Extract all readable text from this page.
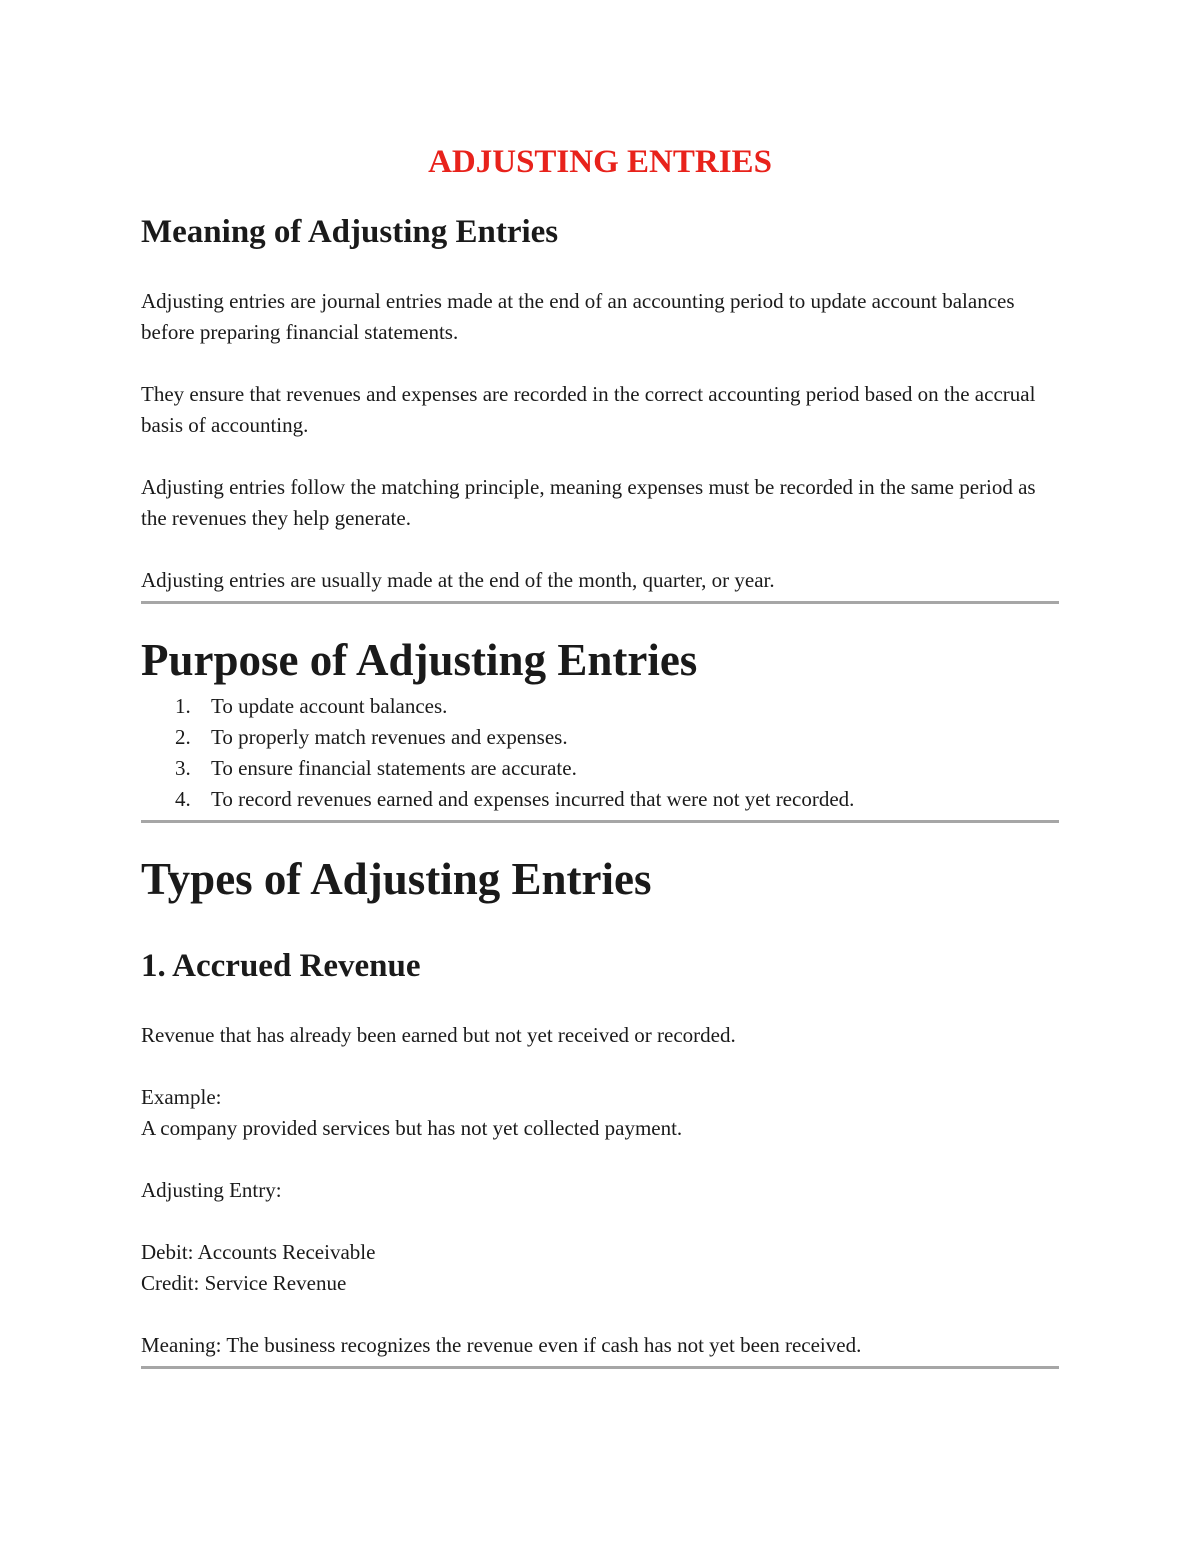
ADJUSTING ENTRIES
Meaning of Adjusting Entries

Adjusting entries are journal entries made at the end of an accounting period to update account balances before preparing financial statements.

They ensure that revenues and expenses are recorded in the correct accounting period based on the accrual basis of accounting.

Adjusting entries follow the matching principle, meaning expenses must be recorded in the same period as the revenues they help generate.

Adjusting entries are usually made at the end of the month, quarter, or year.

Purpose of Adjusting Entries
1. To update account balances.
2. To properly match revenues and expenses.
3. To ensure financial statements are accurate.
4. To record revenues earned and expenses incurred that were not yet recorded.
Types of Adjusting Entries
1. Accrued Revenue

Revenue that has already been earned but not yet received or recorded.

Example:

A company provided services but has not yet collected payment.

Adjusting Entry:

Debit: Accounts Receivable

Credit: Service Revenue

Meaning: The business recognizes the revenue even if cash has not yet been received.
